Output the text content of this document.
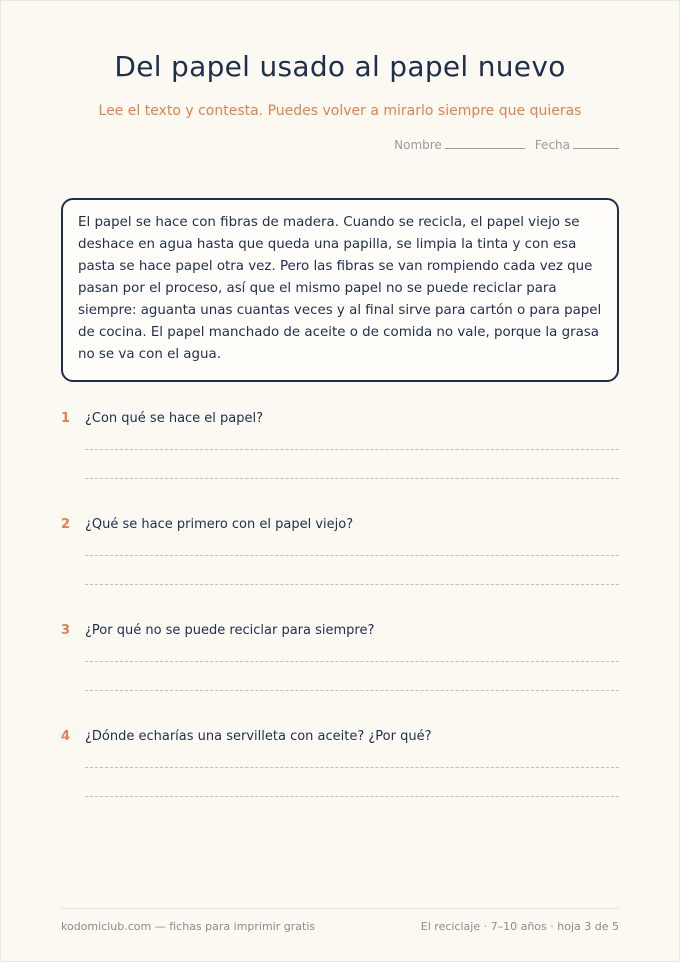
Del papel usado al papel nuevo
Lee el texto y contesta. Puedes volver a mirarlo siempre que quieras
Nombre	Fecha
El papel se hace con fibras de madera. Cuando se recicla, el papel viejo se deshace en agua hasta que queda una papilla, se limpia la tinta y con esa pasta se hace papel otra vez. Pero las fibras se van rompiendo cada vez que pasan por el proceso, así que el mismo papel no se puede reciclar para siempre: aguanta unas cuantas veces y al final sirve para cartón o para papel de cocina. El papel manchado de aceite o de comida no vale, porque la grasa no se va con el agua.
1	¿Con qué se hace el papel?
2	¿Qué se hace primero con el papel viejo?
3	¿Por qué no se puede reciclar para siempre?
4	¿Dónde echarías una servilleta con aceite? ¿Por qué?
kodomiclub.com — fichas para imprimir gratis	El reciclaje · 7–10 años · hoja 3 de 5
